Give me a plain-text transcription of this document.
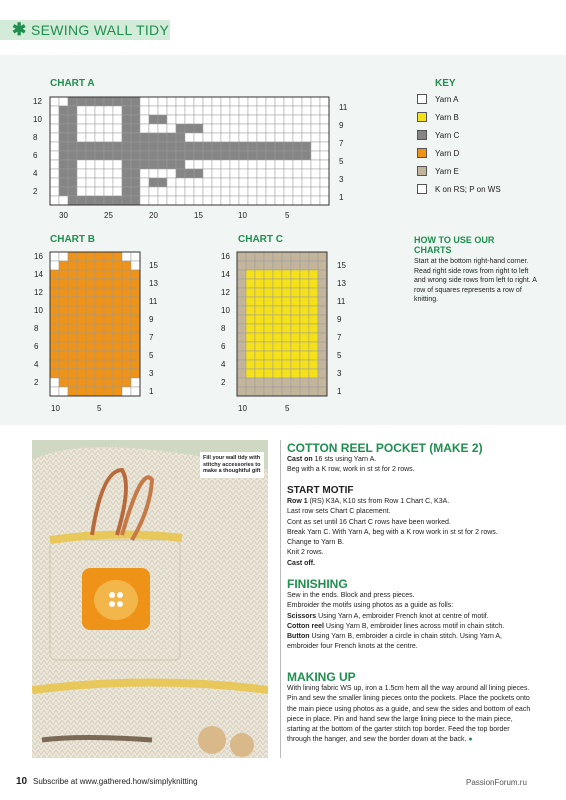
✱ SEWING WALL TIDY
CHART A
12
10
8
6
4
2
11
9
7
5
3
1
30	25	20	15	10	5
CHART B
16
14
12
10
8
6
4
2
15
13
11
9
7
5
3
1
10	5
CHART C
16
14
12
10
8
6
4
2
15
13
11
9
7
5
3
1
10	5
KEY
Yarn A
Yarn B
Yarn C
Yarn D
Yarn E
K on RS; P on WS
HOW TO USE OUR CHARTS
Start at the bottom right-hand corner. Read right side rows from right to left and wrong side rows from left to right. A row of squares represents a row of knitting.
Fill your wall tidy with stitchy accessories to make a thoughtful gift
COTTON REEL POCKET (MAKE 2)
Cast on 16 sts using Yarn A.
Beg with a K row, work in st st for 2 rows.
START MOTIF
Row 1 (RS) K3A, K10 sts from Row 1 Chart C, K3A.
Last row sets Chart C placement.
Cont as set until 16 Chart C rows have been worked.
Break Yarn C. With Yarn A, beg with a K row work in st st for 2 rows.
Change to Yarn B.
Knit 2 rows.
Cast off.
FINISHING
Sew in the ends. Block and press pieces.
Embroider the motifs using photos as a guide as folls:
Scissors Using Yarn A, embroider French knot at centre of motif.
Cotton reel Using Yarn B, embroider lines across motif in chain stitch.
Button Using Yarn B, embroider a circle in chain stitch. Using Yarn A, embroider four French knots at the centre.
MAKING UP
With lining fabric WS up, iron a 1.5cm hem all the way around all lining pieces. Pin and sew the smaller lining pieces onto the pockets. Place the pockets onto the main piece using photos as a guide, and sew the sides and bottom of each piece in place. Pin and hand sew the large lining piece to the main piece, starting at the bottom of the garter stitch top border. Feed the top border through the hanger, and sew the border down at the back. ●
10 Subscribe at www.gathered.how/simplyknitting	PassionForum.ru
